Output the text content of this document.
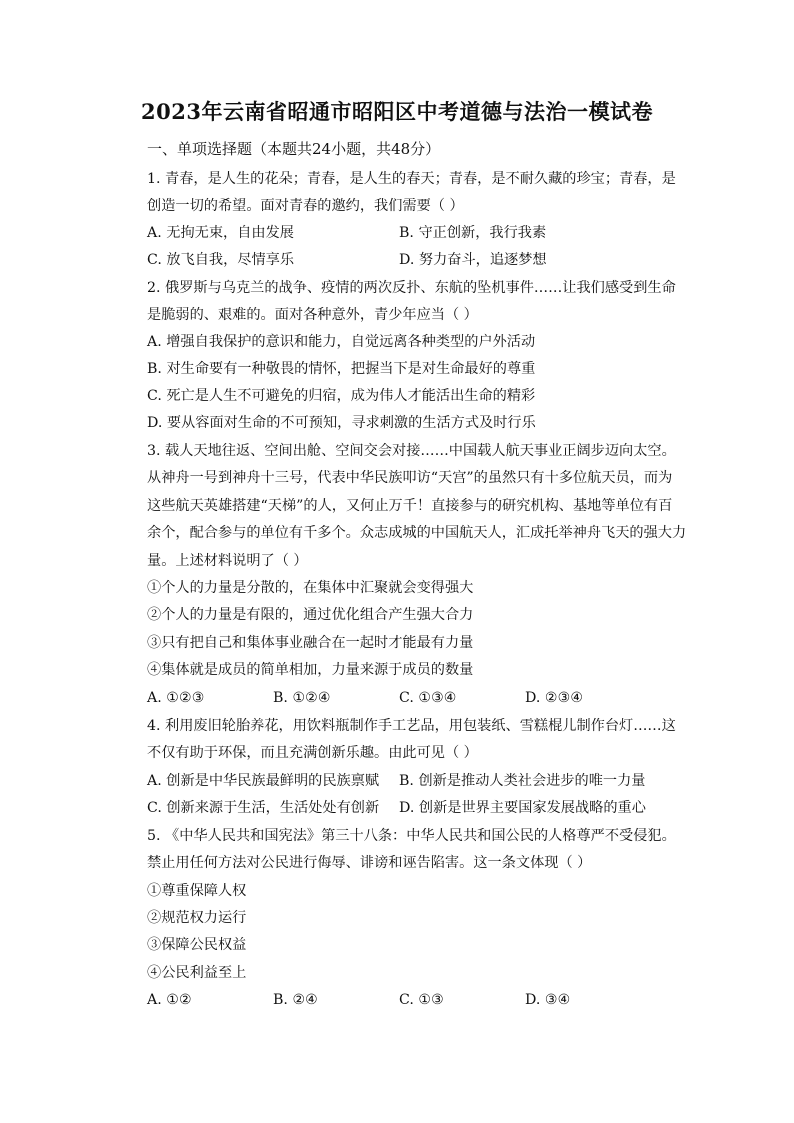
2023年云南省昭通市昭阳区中考道德与法治一模试卷
一、单项选择题（本题共24小题，共48分）
1. 青春，是人生的花朵；青春，是人生的春天；青春，是不耐久藏的珍宝；青春，是
创造一切的希望。面对青春的邀约，我们需要（ ）
A. 无拘无束，自由发展	B. 守正创新，我行我素
C. 放飞自我，尽情享乐	D. 努力奋斗，追逐梦想
2. 俄罗斯与乌克兰的战争、疫情的两次反扑、东航的坠机事件……让我们感受到生命
是脆弱的、艰难的。面对各种意外，青少年应当（ ）
A. 增强自我保护的意识和能力，自觉远离各种类型的户外活动
B. 对生命要有一种敬畏的情怀，把握当下是对生命最好的尊重
C. 死亡是人生不可避免的归宿，成为伟人才能活出生命的精彩
D. 要从容面对生命的不可预知，寻求刺激的生活方式及时行乐
3. 载人天地往返、空间出舱、空间交会对接……中国载人航天事业正阔步迈向太空。
从神舟一号到神舟十三号，代表中华民族叩访“天宫”的虽然只有十多位航天员，而为
这些航天英雄搭建“天梯”的人，又何止万千！直接参与的研究机构、基地等单位有百
余个，配合参与的单位有千多个。众志成城的中国航天人，汇成托举神舟飞天的强大力
量。上述材料说明了（ ）
①个人的力量是分散的，在集体中汇聚就会变得强大
②个人的力量是有限的，通过优化组合产生强大合力
③只有把自己和集体事业融合在一起时才能最有力量
④集体就是成员的简单相加，力量来源于成员的数量
A. ①②③	B. ①②④	C. ①③④	D. ②③④
4. 利用废旧轮胎养花，用饮料瓶制作手工艺品，用包装纸、雪糕棍儿制作台灯……这
不仅有助于环保，而且充满创新乐趣。由此可见（ ）
A. 创新是中华民族最鲜明的民族禀赋 B. 创新是推动人类社会进步的唯一力量
C. 创新来源于生活，生活处处有创新 D. 创新是世界主要国家发展战略的重心
5. 《中华人民共和国宪法》第三十八条：中华人民共和国公民的人格尊严不受侵犯。
禁止用任何方法对公民进行侮辱、诽谤和诬告陷害。这一条文体现（ ）
①尊重保障人权
②规范权力运行
③保障公民权益
④公民利益至上
A. ①②	B. ②④	C. ①③	D. ③④
